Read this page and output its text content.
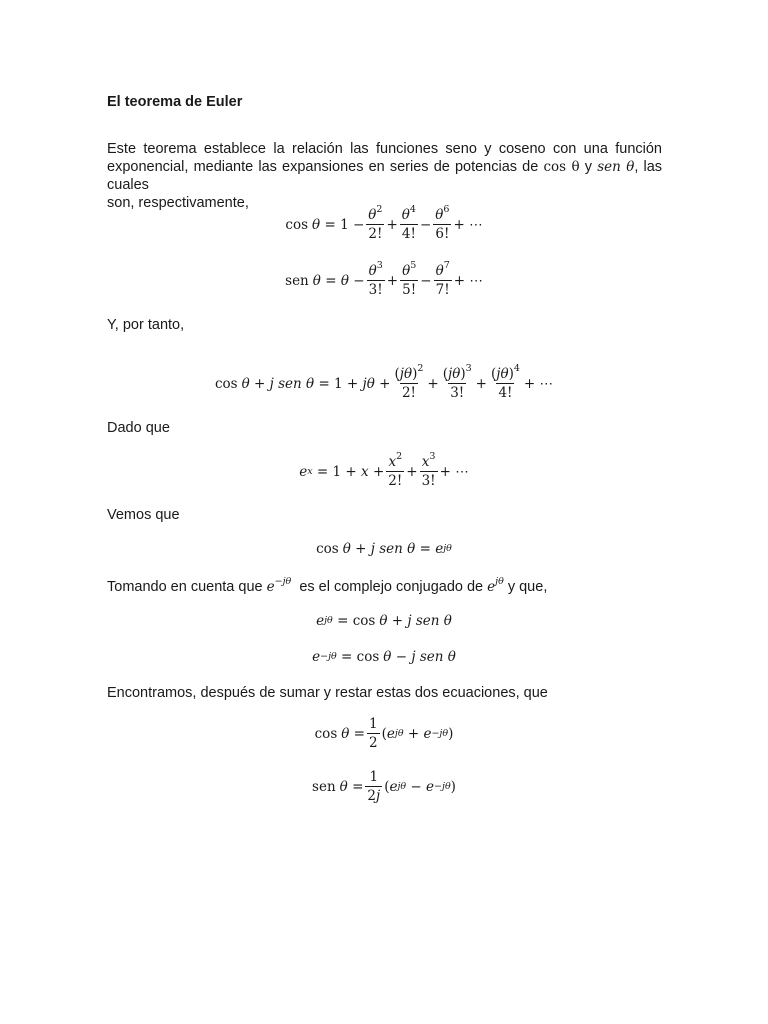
El teorema de Euler
Este teorema establece la relación las funciones seno y coseno con una función
exponencial, mediante las expansiones en series de potencias de cos θ y sen θ, las cuales
son, respectivamente,
$\cos \theta = 1 - \frac{\theta^2}{2!} + \frac{\theta^4}{4!} - \frac{\theta^6}{6!}$ + ⋯
sen $\theta = \theta - \frac{\theta^3}{3!} + \frac{\theta^5}{5!} - \frac{\theta^7}{7!}$ + ⋯
Y, por tanto,
cos θ + j sen $\theta = 1 + j\theta + \frac{(j\theta)^2}{2!} + \frac{(j\theta)^3}{3!} + \frac{(j\theta)^4}{4!}$ + ⋯
Dado que
e $x = 1 + x + \frac{x^2}{2!} + \frac{x^3}{3!}$ + ⋯
Vemos que
cos θ + j sen θ = e jθ
Tomando en cuenta que $e^{-j\theta}$ es el complejo conjugado de $e^{j\theta}$ y que,
e jθ = cos θ + j sen θ
e −jθ = cos θ − j sen θ
Encontramos, después de sumar y restar estas dos ecuaciones, que
$\cos \theta = \frac{1}{2}$ ( e jθ + e −jθ )
sen $\theta = \frac{1}{2j}$ ( e jθ − e −jθ )
